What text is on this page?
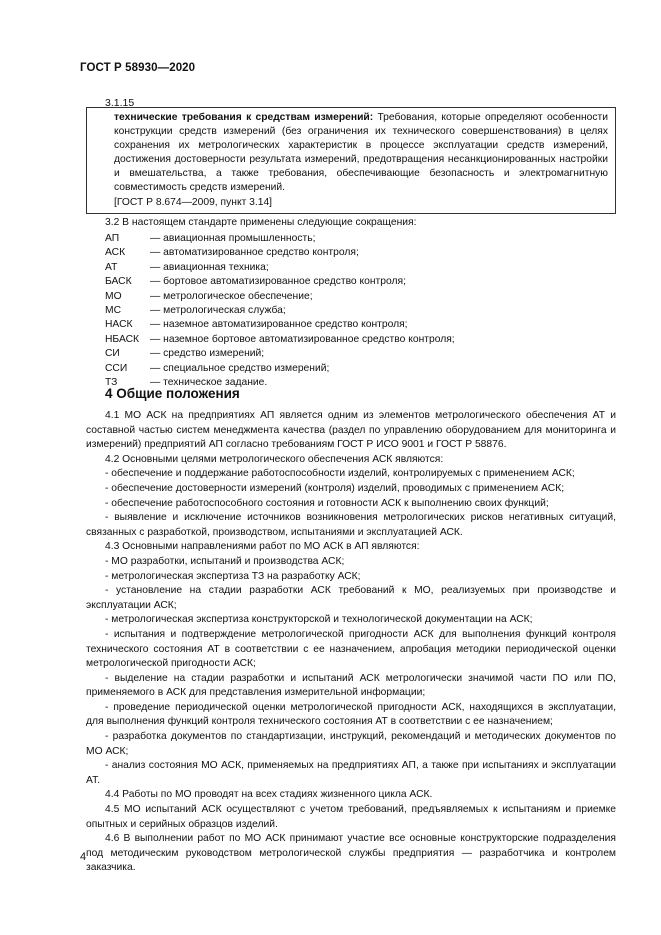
ГОСТ Р 58930—2020
3.1.15
технические требования к средствам измерений: Требования, которые определяют особенности конструкции средств измерений (без ограничения их технического совершенствования) в целях сохранения их метрологических характеристик в процессе эксплуатации средств измерений, достижения достоверности результата измерений, предотвращения несанкционированных настройки и вмешательства, а также требования, обеспечивающие безопасность и электромагнитную совместимость средств измерений.
[ГОСТ Р 8.674—2009, пункт 3.14]
3.2 В настоящем стандарте применены следующие сокращения:
АП	— авиационная промышленность;
АСК	— автоматизированное средство контроля;
АТ	— авиационная техника;
БАСК	— бортовое автоматизированное средство контроля;
МО	— метрологическое обеспечение;
МС	— метрологическая служба;
НАСК	— наземное автоматизированное средство контроля;
НБАСК	— наземное бортовое автоматизированное средство контроля;
СИ	— средство измерений;
ССИ	— специальное средство измерений;
ТЗ	— техническое задание.
4 Общие положения

4.1 МО АСК на предприятиях АП является одним из элементов метрологического обеспечения АТ и составной частью систем менеджмента качества (раздел по управлению оборудованием для мониторинга и измерений) предприятий АП согласно требованиям ГОСТ Р ИСО 9001 и ГОСТ Р 58876.

4.2 Основными целями метрологического обеспечения АСК являются:

- обеспечение и поддержание работоспособности изделий, контролируемых с применением АСК;

- обеспечение достоверности измерений (контроля) изделий, проводимых с применением АСК;

- обеспечение работоспособного состояния и готовности АСК к выполнению своих функций;

- выявление и исключение источников возникновения метрологических рисков негативных ситуаций, связанных с разработкой, производством, испытаниями и эксплуатацией АСК.

4.3 Основными направлениями работ по МО АСК в АП являются:

- МО разработки, испытаний и производства АСК;

- метрологическая экспертиза ТЗ на разработку АСК;

- установление на стадии разработки АСК требований к МО, реализуемых при производстве и эксплуатации АСК;

- метрологическая экспертиза конструкторской и технологической документации на АСК;

- испытания и подтверждение метрологической пригодности АСК для выполнения функций контроля технического состояния АТ в соответствии с ее назначением, апробация методики периодической оценки метрологической пригодности АСК;

- выделение на стадии разработки и испытаний АСК метрологически значимой части ПО или ПО, применяемого в АСК для представления измерительной информации;

- проведение периодической оценки метрологической пригодности АСК, находящихся в эксплуатации, для выполнения функций контроля технического состояния АТ в соответствии с ее назначением;

- разработка документов по стандартизации, инструкций, рекомендаций и методических документов по МО АСК;

- анализ состояния МО АСК, применяемых на предприятиях АП, а также при испытаниях и эксплуатации АТ.

4.4 Работы по МО проводят на всех стадиях жизненного цикла АСК.

4.5 МО испытаний АСК осуществляют с учетом требований, предъявляемых к испытаниям и приемке опытных и серийных образцов изделий.

4.6 В выполнении работ по МО АСК принимают участие все основные конструкторские подразделения под методическим руководством метрологической службы предприятия — разработчика и контролем заказчика.

4
